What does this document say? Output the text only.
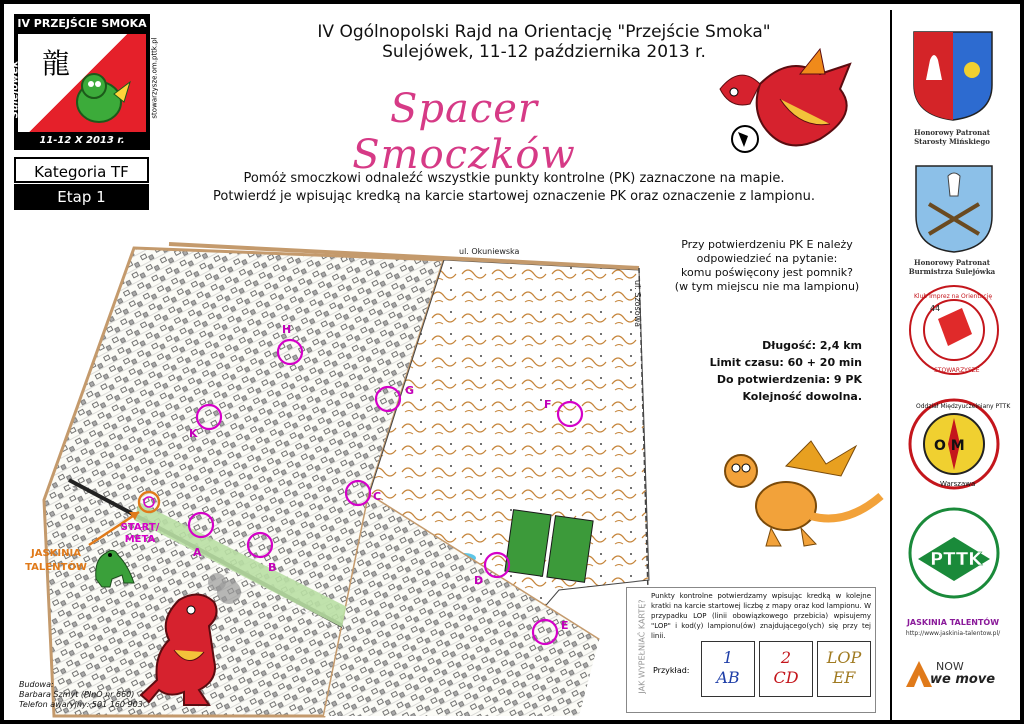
IV PRZEJŚCIE SMOKA
龍
Sulejówek	stowarzysze.om.pttk.pl
11-12 X 2013 r.
Kategoria TF
Etap 1
IV Ogólnopolski Rajd na Orientację "Przejście Smoka"
Sulejówek, 11-12 października 2013 r.
Spacer Smoczków
Pomóż smoczkowi odnaleźć wszystkie punkty kontrolne (PK) zaznaczone na mapie.
Potwierdź je wpisując kredką na karcie startowej oznaczenie PK oraz oznaczenie z lampionu.
ul. Okuniewska
ul. Szosowa
H
K
G
F
C
A
B
D
E
START/
META
JASKINIA
TALENTÓW
Przy potwierdzeniu PK E należy
odpowiedzieć na pytanie:
komu poświęcony jest pomnik?
(w tym miejscu nie ma lampionu)
Długość: 2,4 km
Limit czasu: 60 + 20 min
Do potwierdzenia: 9 PK
Kolejność dowolna.
JAK WYPEŁNIAĆ KARTĘ?
Punkty kontrolne potwierdzamy wpisując kredką w kolejne kratki na karcie startowej liczbę z mapy oraz kod lampionu. W przypadku LOP (linii obowiązkowego przebicia) wpisujemy "LOP" i kod(y) lampionu(ów) znajdującego(ych) się przy tej linii.
Przykład:
1
AB
2
CD
LOP
EF
Budowa:
Barbara Szmyt (PInO nr 660)
Telefon awaryjny: 501 160 903
Honorowy Patronat
Starosty Mińskiego
Honorowy Patronat Burmistrza Sulejówka
44
Klub Imprez na Orientację
STOWARZYSZE
O M
Oddział Międzyuczelniany PTTK
Warszawa
PTTK
JASKINIA TALENTÓW
http://www.jaskinia-talentow.pl/
NOW
we move
